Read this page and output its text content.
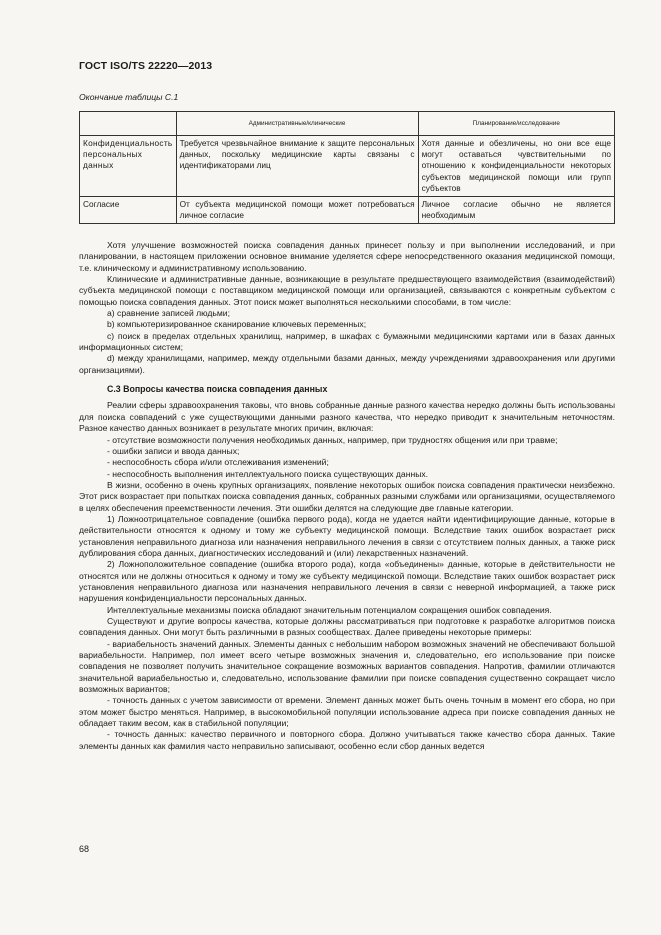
ГОСТ ISO/TS 22220—2013
Окончание таблицы С.1
	Административные/клинические	Планирование/исследование
Конфиденциальность персональных данных	Требуется чрезвычайное внимание к защите персональных данных, поскольку медицинские карты связаны с идентификаторами лиц	Хотя данные и обезличены, но они все еще могут оставаться чувствительными по отношению к конфиденциальности некоторых субъектов медицинской помощи или групп субъектов
Согласие	От субъекта медицинской помощи может потребоваться личное согласие	Личное согласие обычно не является необходимым

Хотя улучшение возможностей поиска совпадения данных принесет пользу и при выполнении исследований, и при планировании, в настоящем приложении основное внимание уделяется сфере непосредственного оказания медицинской помощи, т.е. клиническому и административному использованию.

Клинические и административные данные, возникающие в результате предшествующего взаимодействия (взаимодействий) субъекта медицинской помощи с поставщиком медицинской помощи или организацией, связываются с конкретным субъектом с помощью поиска совпадения данных. Этот поиск может выполняться несколькими способами, в том числе:

a) сравнение записей людьми;

b) компьютеризированное сканирование ключевых переменных;

c) поиск в пределах отдельных хранилищ, например, в шкафах с бумажными медицинскими картами или в базах данных информационных систем;

d) между хранилищами, например, между отдельными базами данных, между учреждениями здравоохранения или другими организациями).

С.3 Вопросы качества поиска совпадения данных

Реалии сферы здравоохранения таковы, что вновь собранные данные разного качества нередко должны быть использованы для поиска совпадений с уже существующими данными разного качества, что нередко приводит к значительным неточностям. Разное качество данных возникает в результате многих причин, включая:

- отсутствие возможности получения необходимых данных, например, при трудностях общения или при травме;

- ошибки записи и ввода данных;

- неспособность сбора и/или отслеживания изменений;

- неспособность выполнения интеллектуального поиска существующих данных.

В жизни, особенно в очень крупных организациях, появление некоторых ошибок поиска совпадения практически неизбежно. Этот риск возрастает при попытках поиска совпадения данных, собранных разными службами или организациями, осуществляемого в целях обеспечения преемственности лечения. Эти ошибки делятся на следующие две главные категории.

1) Ложноотрицательное совпадение (ошибка первого рода), когда не удается найти идентифицирующие данные, которые в действительности относятся к одному и тому же субъекту медицинской помощи. Вследствие таких ошибок возрастает риск установления неправильного диагноза или назначения неправильного лечения в связи с отсутствием полных данных, а также риск дублирования сбора данных, диагностических исследований и (или) лекарственных назначений.

2) Ложноположительное совпадение (ошибка второго рода), когда «объединены» данные, которые в действительности не относятся или не должны относиться к одному и тому же субъекту медицинской помощи. Вследствие таких ошибок возрастает риск установления неправильного диагноза или назначения неправильного лечения в связи с неверной информацией, а также риск нарушения конфиденциальности персональных данных.

Интеллектуальные механизмы поиска обладают значительным потенциалом сокращения ошибок совпадения.

Существуют и другие вопросы качества, которые должны рассматриваться при подготовке к разработке алгоритмов поиска совпадения данных. Они могут быть различными в разных сообществах. Далее приведены некоторые примеры:

- вариабельность значений данных. Элементы данных с небольшим набором возможных значений не обеспечивают большой вариабельности. Например, пол имеет всего четыре возможных значения и, следовательно, его использование при поиске совпадения не позволяет получить значительное сокращение возможных вариантов совпадения. Напротив, фамилии отличаются значительной вариабельностью и, следовательно, использование фамилии при поиске совпадения существенно сокращает число возможных вариантов;

- точность данных с учетом зависимости от времени. Элемент данных может быть очень точным в момент его сбора, но при этом может быстро меняться. Например, в высокомобильной популяции использование адреса при поиске совпадения данных не обладает таким весом, как в стабильной популяции;

- точность данных: качество первичного и повторного сбора. Должно учитываться также качество сбора данных. Такие элементы данных как фамилия часто неправильно записывают, особенно если сбор данных ведется

68
